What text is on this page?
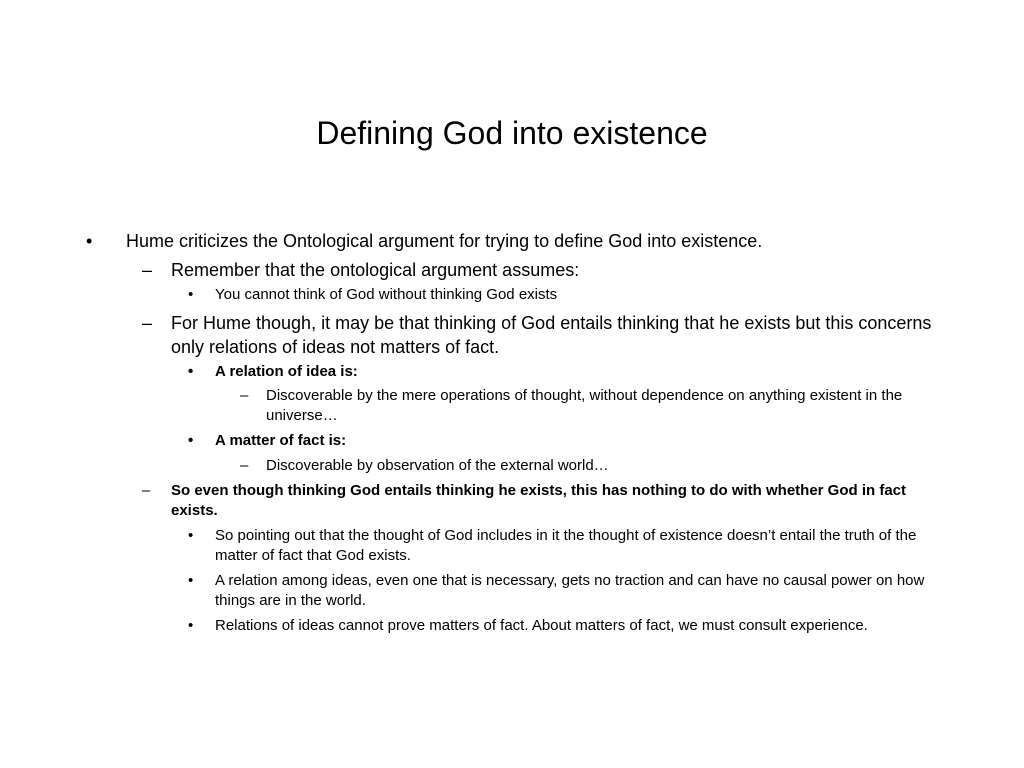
Defining God into existence
• Hume criticizes the Ontological argument for trying to define God into existence.
– Remember that the ontological argument assumes:
• You cannot think of God without thinking God exists
– For Hume though, it may be that thinking of God entails thinking that he exists but this concerns only relations of ideas not matters of fact.
• A relation of idea is:
– Discoverable by the mere operations of thought, without dependence on anything existent in the universe…
• A matter of fact is:
– Discoverable by observation of the external world…
– So even though thinking God entails thinking he exists, this has nothing to do with whether God in fact exists.
• So pointing out that the thought of God includes in it the thought of existence doesn’t entail the truth of the matter of fact that God exists.
• A relation among ideas, even one that is necessary, gets no traction and can have no causal power on how things are in the world.
• Relations of ideas cannot prove matters of fact. About matters of fact, we must consult experience.
